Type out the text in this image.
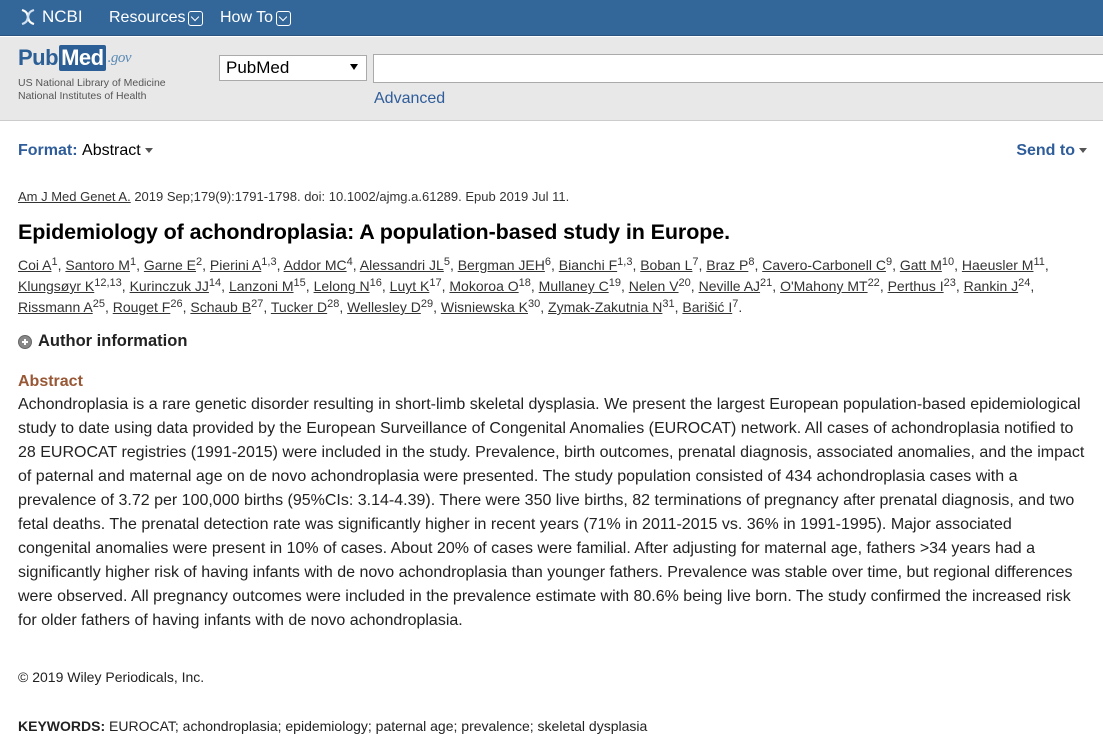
NCBI Resources How To
Pub Med .gov
US National Library of Medicine
National Institutes of Health
PubMed
Advanced
Format: Abstract	Send to
Am J Med Genet A. 2019 Sep;179(9):1791-1798. doi: 10.1002/ajmg.a.61289. Epub 2019 Jul 11.
Epidemiology of achondroplasia: A population-based study in Europe.
Coi $A^1$, Santoro $M^1$, Garne $E^2$, Pierini A$^{1,3}$, Addor $MC^4$, Alessandri $JL^5$, Bergman JEH$^6$, Bianchi F$^{1,3}$, Boban $L^7$, Braz $P^8$, Cavero-Carbonell $C^9$, Gatt $M^{10}$, Haeusler $M^{11}$, Klungsøyr K$^{12,13}$, Kurinczuk JJ$^{14}$, Lanzoni $M^{15}$, Lelong $N^{16}$, Luyt $K^{17}$, Mokoroa $O^{18}$, Mullaney $C^{19}$, Nelen $V^{20}$, Neville AJ$^{21}$, O'Mahony MT$^{22}$, Perthus $I^{23}$, Rankin $J^{24}$, Rissmann $A^{25}$, Rouget $F^{26}$, Schaub $B^{27}$, Tucker $D^{28}$, Wellesley $D^{29}$, Wisniewska $K^{30}$, Zymak-Zakutnia $N^{31}$, Barišić $I^7$.
Author information
Abstract
Achondroplasia is a rare genetic disorder resulting in short-limb skeletal dysplasia. We present the largest European population-based epidemiological study to date using data provided by the European Surveillance of Congenital Anomalies (EUROCAT) network. All cases of achondroplasia notified to 28 EUROCAT registries (1991-2015) were included in the study. Prevalence, birth outcomes, prenatal diagnosis, associated anomalies, and the impact of paternal and maternal age on de novo achondroplasia were presented. The study population consisted of 434 achondroplasia cases with a prevalence of 3.72 per 100,000 births (95%CIs: 3.14-4.39). There were 350 live births, 82 terminations of pregnancy after prenatal diagnosis, and two fetal deaths. The prenatal detection rate was significantly higher in recent years (71% in 2011-2015 vs. 36% in 1991-1995). Major associated congenital anomalies were present in 10% of cases. About 20% of cases were familial. After adjusting for maternal age, fathers >34 years had a significantly higher risk of having infants with de novo achondroplasia than younger fathers. Prevalence was stable over time, but regional differences were observed. All pregnancy outcomes were included in the prevalence estimate with 80.6% being live born. The study confirmed the increased risk for older fathers of having infants with de novo achondroplasia.
© 2019 Wiley Periodicals, Inc.
KEYWORDS: EUROCAT; achondroplasia; epidemiology; paternal age; prevalence; skeletal dysplasia
